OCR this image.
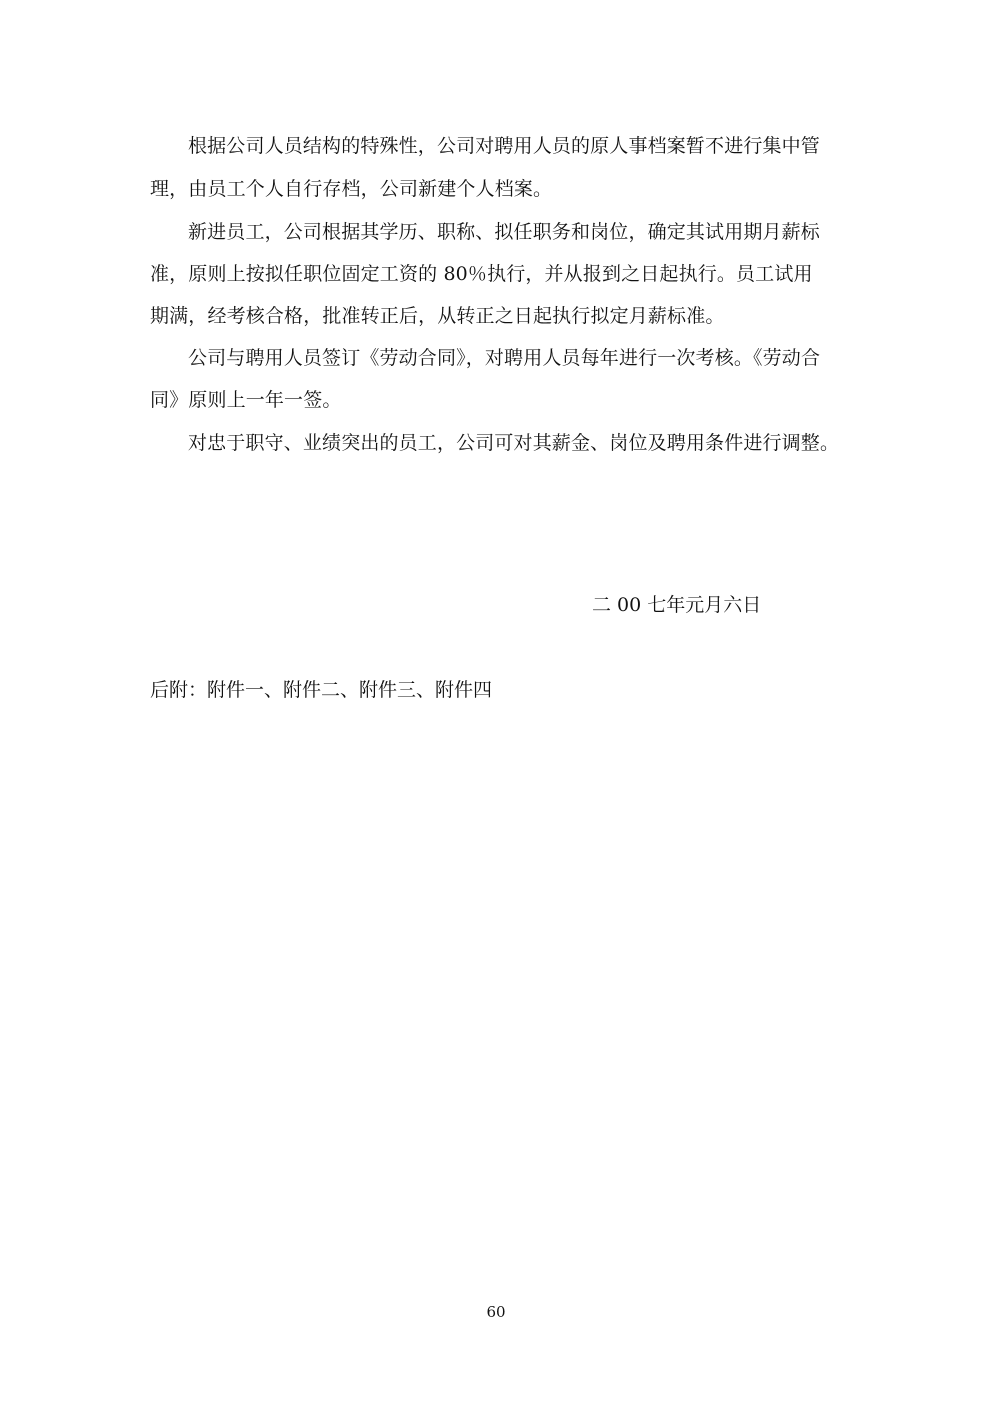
根据公司人员结构的特殊性，公司对聘用人员的原人事档案暂不进行集中管
理，由员工个人自行存档，公司新建个人档案。
新进员工，公司根据其学历、职称、拟任职务和岗位，确定其试用期月薪标
准，原则上按拟任职位固定工资的 80％执行，并从报到之日起执行。员工试用
期满，经考核合格，批准转正后，从转正之日起执行拟定月薪标准。
公司与聘用人员签订《劳动合同》，对聘用人员每年进行一次考核。《劳动合
同》原则上一年一签。
对忠于职守、业绩突出的员工，公司可对其薪金、岗位及聘用条件进行调整。
二 00 七年元月六日
后附：附件一、附件二、附件三、附件四
60
